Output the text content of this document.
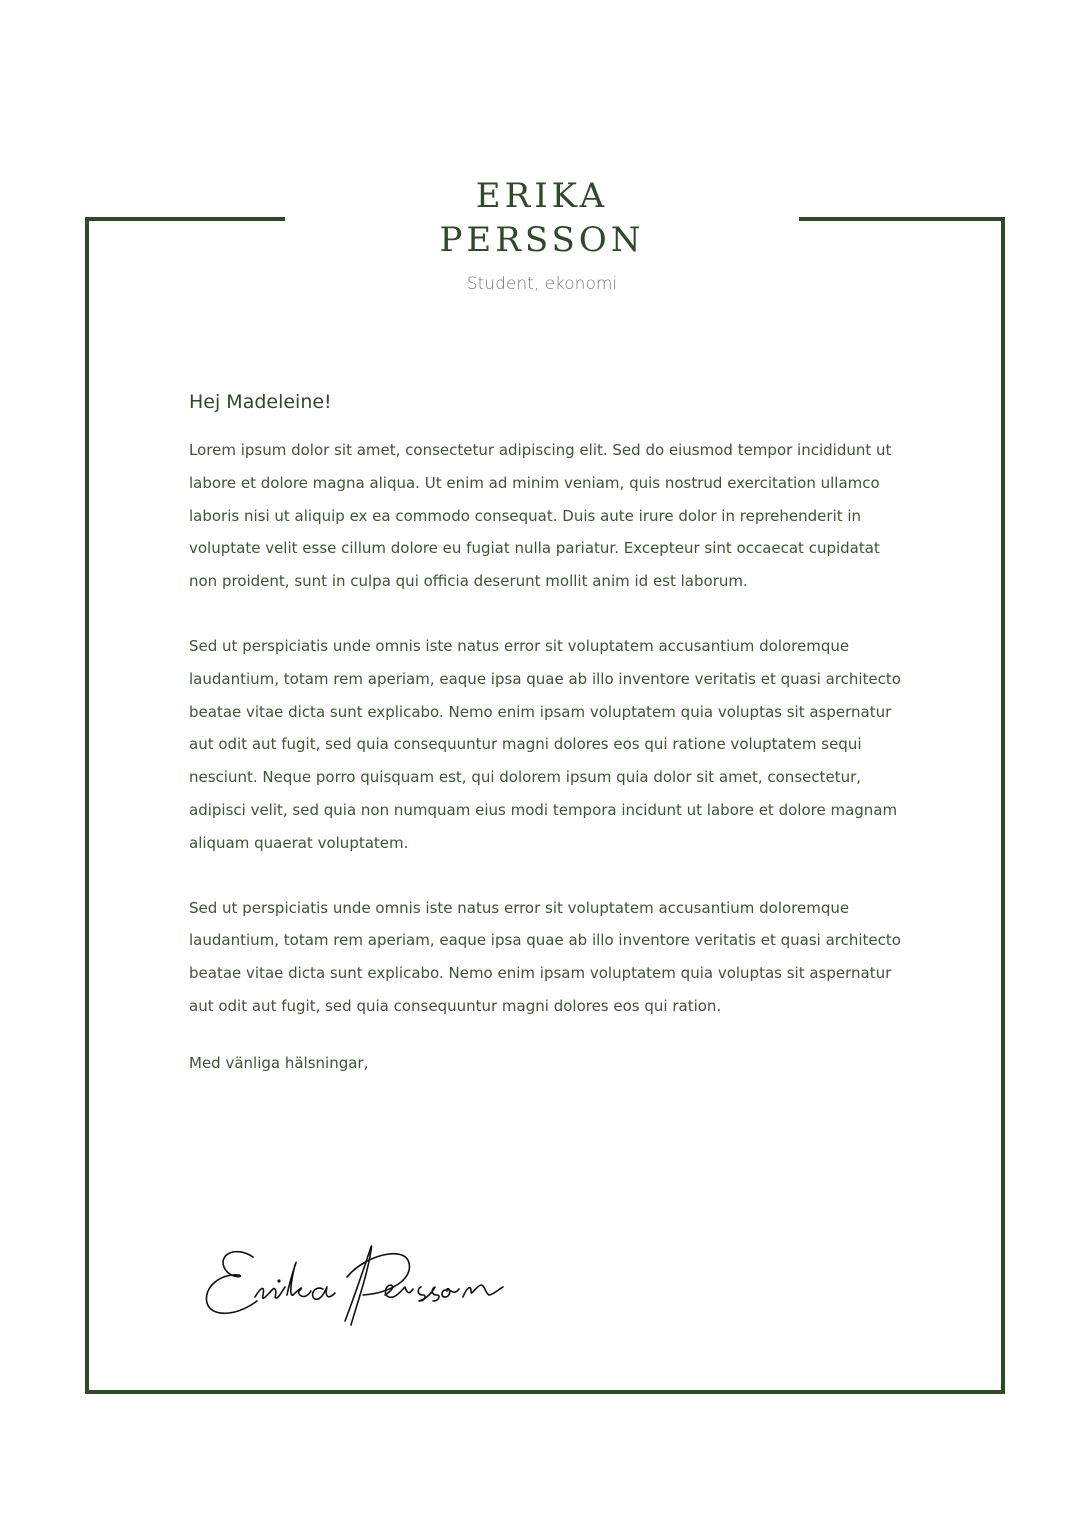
ERIKA
PERSSON
Student, ekonomi
Hej Madeleine!

Lorem ipsum dolor sit amet, consectetur adipiscing elit. Sed do eiusmod tempor incididunt ut labore et dolore magna aliqua. Ut enim ad minim veniam, quis nostrud exercitation ullamco laboris nisi ut aliquip ex ea commodo consequat. Duis aute irure dolor in reprehenderit in voluptate velit esse cillum dolore eu fugiat nulla pariatur. Excepteur sint occaecat cupidatat non proident, sunt in culpa qui officia deserunt mollit anim id est laborum.

Sed ut perspiciatis unde omnis iste natus error sit voluptatem accusantium doloremque laudantium, totam rem aperiam, eaque ipsa quae ab illo inventore veritatis et quasi architecto beatae vitae dicta sunt explicabo. Nemo enim ipsam voluptatem quia voluptas sit aspernatur aut odit aut fugit, sed quia consequuntur magni dolores eos qui ratione voluptatem sequi nesciunt. Neque porro quisquam est, qui dolorem ipsum quia dolor sit amet, consectetur, adipisci velit, sed quia non numquam eius modi tempora incidunt ut labore et dolore magnam aliquam quaerat voluptatem.

Sed ut perspiciatis unde omnis iste natus error sit voluptatem accusantium doloremque laudantium, totam rem aperiam, eaque ipsa quae ab illo inventore veritatis et quasi architecto beatae vitae dicta sunt explicabo. Nemo enim ipsam voluptatem quia voluptas sit aspernatur aut odit aut fugit, sed quia consequuntur magni dolores eos qui ration.

Med vänliga hälsningar,
